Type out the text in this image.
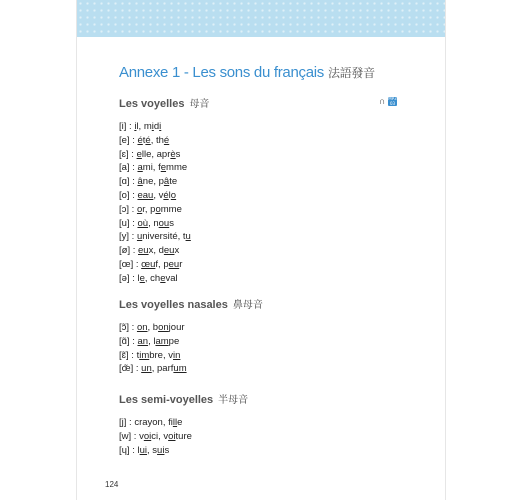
Annexe 1 - Les sons du français 法語發音
∩ MP3 03
Les voyelles 母音
[i] : il, midi
[e] : été, thé
[ɛ] : elle, après
[a] : ami, femme
[ɑ] : âne, pâte
[o] : eau, vélo
[ɔ] : or, pomme
[u] : où, nous
[y] : université, tu
[ø] : eux, deux
[œ] : œuf, peur
[ə] : le, cheval
Les voyelles nasales 鼻母音
[ɔ̃] : on, bonjour
[ɑ̃] : an, lampe
[ɛ̃] : timbre, vin
[œ̃] : un, parfum
Les semi-voyelles 半母音
[j] : crayon, fille
[w] : voici, voiture
[ɥ] : lui, suis
124
